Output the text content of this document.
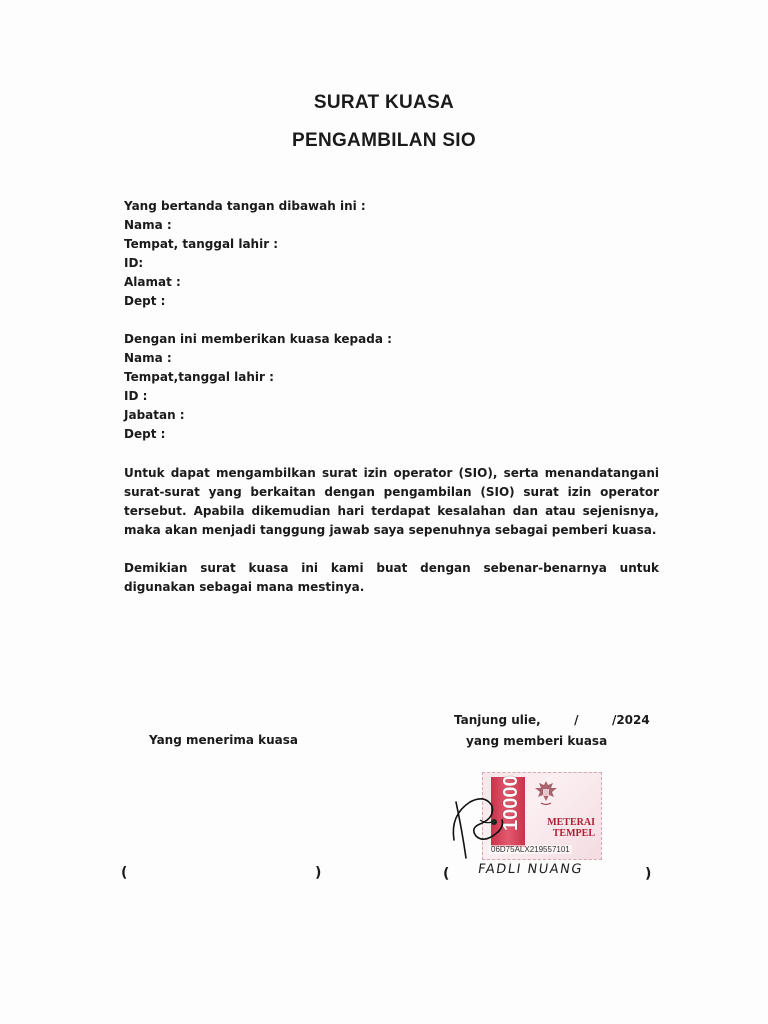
SURAT KUASA
PENGAMBILAN SIO
Yang bertanda tangan dibawah ini :
Nama :
Tempat, tanggal lahir :
ID:
Alamat :
Dept :
Dengan ini memberikan kuasa kepada :
Nama :
Tempat,tanggal lahir :
ID :
Jabatan :
Dept :
Untuk dapat mengambilkan surat izin operator (SIO), serta menandatangani surat-surat yang berkaitan dengan pengambilan (SIO) surat izin operator tersebut. Apabila dikemudian hari terdapat kesalahan dan atau sejenisnya, maka akan menjadi tanggung jawab saya sepenuhnya sebagai pemberi kuasa.
Demikian surat kuasa ini kami buat dengan sebenar-benarnya untuk digunakan sebagai mana mestinya.
Tanjung ulie,        /        /2024
Yang menerima kuasa	yang memberi kuasa
10000	METERAI
TEMPEL
06D75ALX219557101
FADLI NUANG
(	)	(	)
